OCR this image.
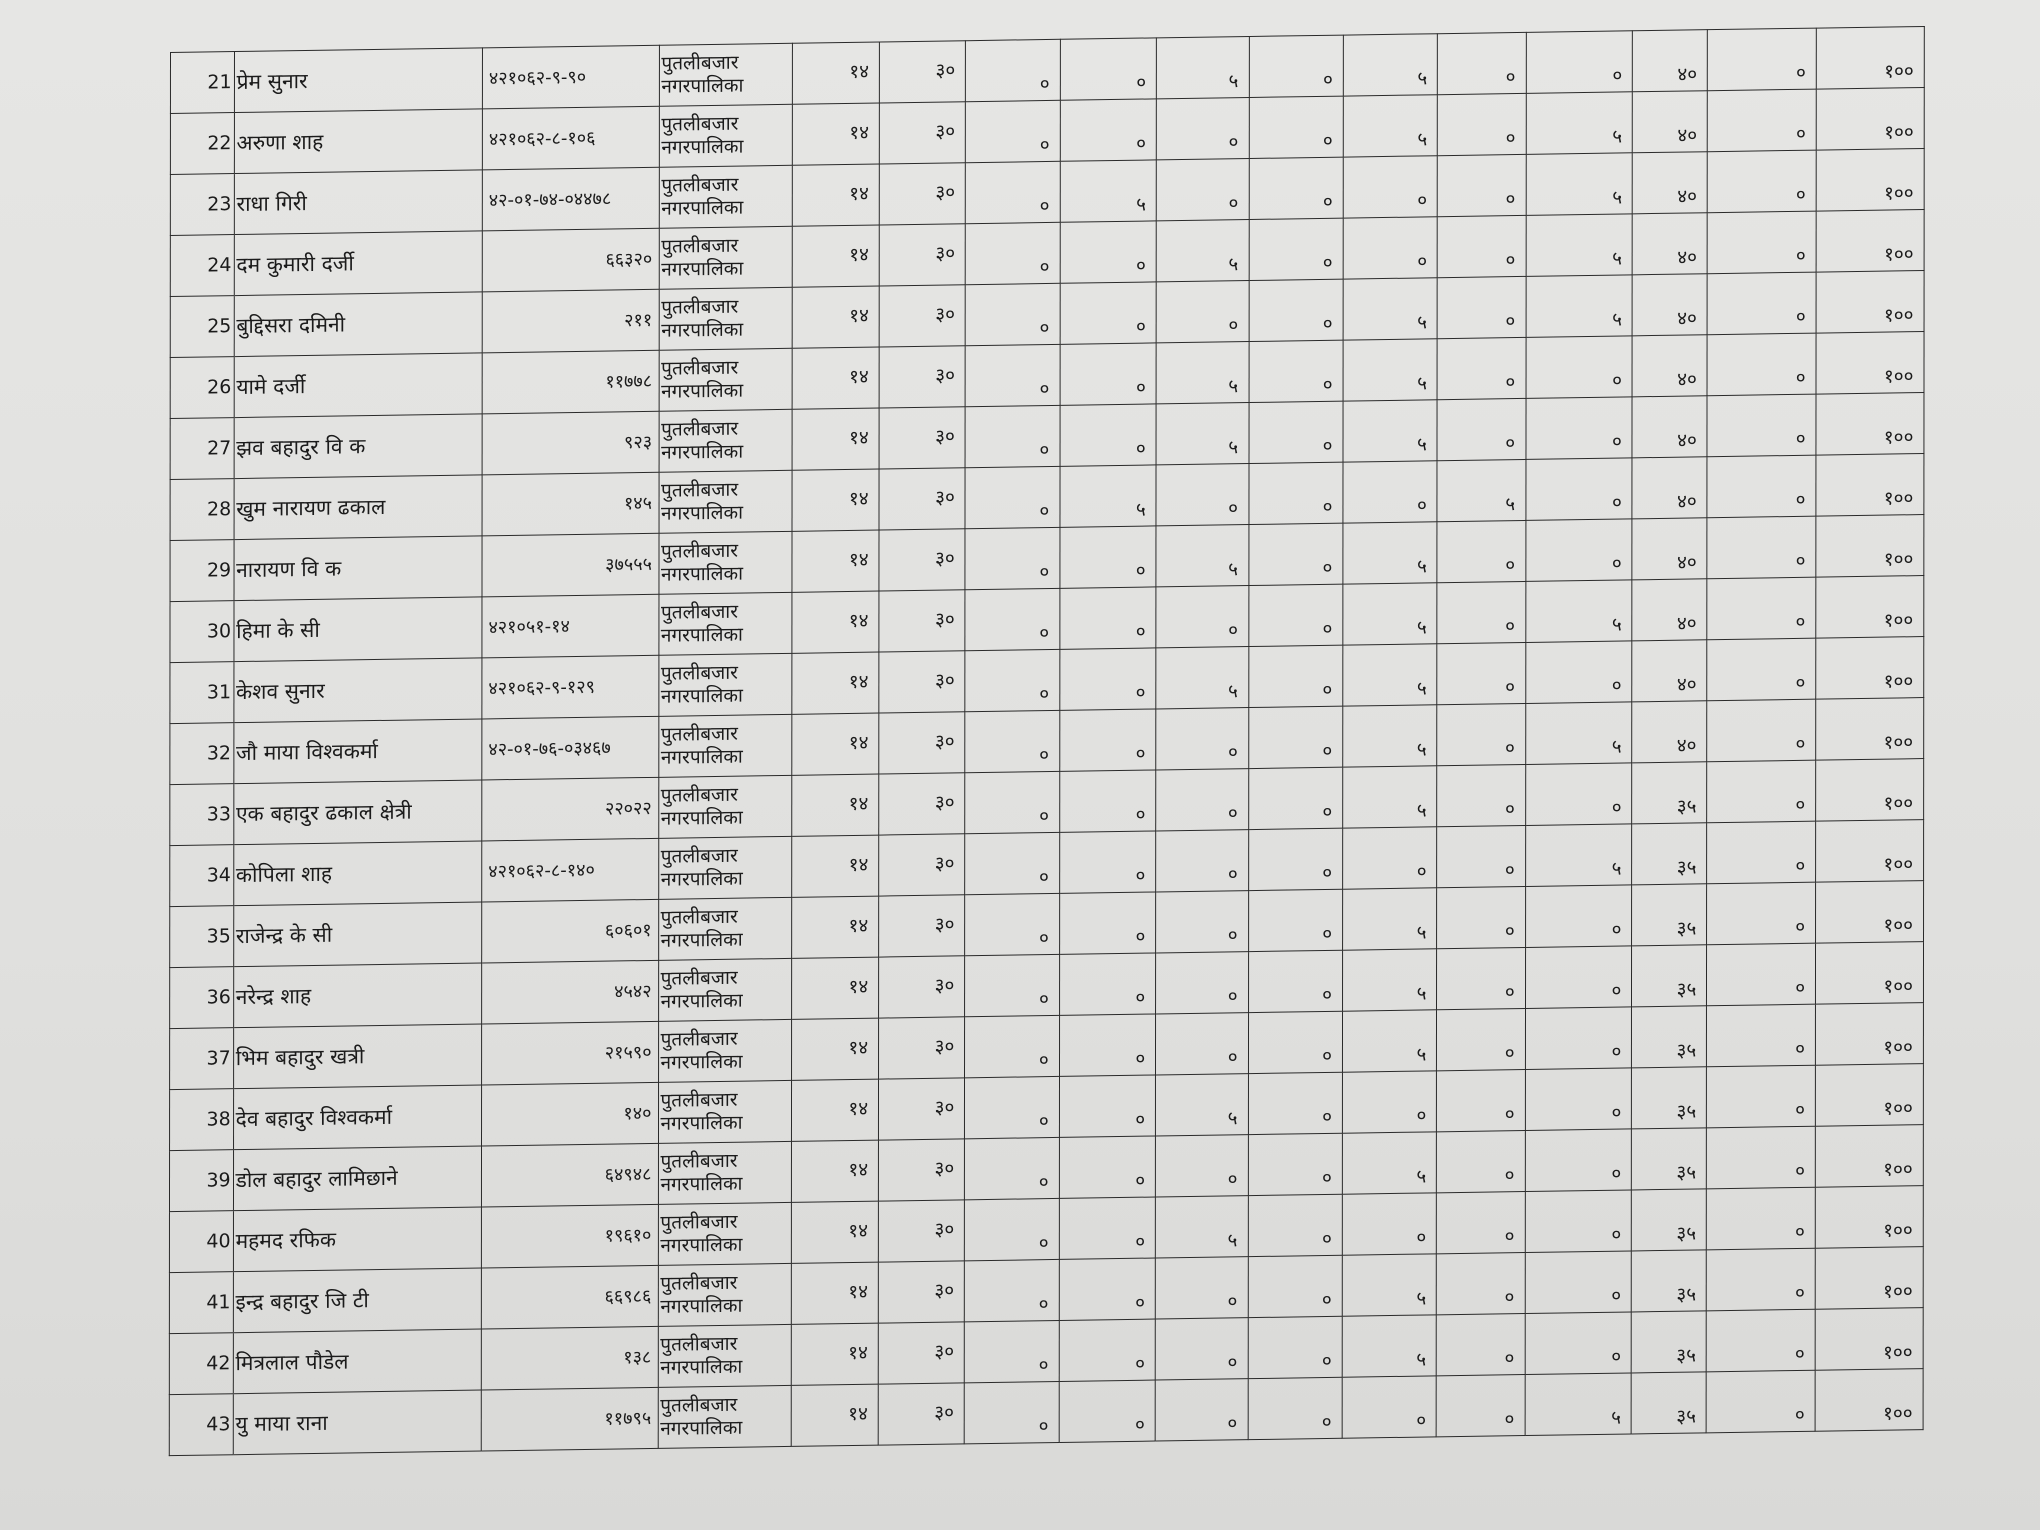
21	प्रेम सुनार	४२१०६२-९-९०	पुतलीबजार
नगरपालिका	१४	३०	०	०	५	०	५	०	०	४०	०	१००
22	अरुणा शाह	४२१०६२-८-१०६	पुतलीबजार
नगरपालिका	१४	३०	०	०	०	०	५	०	५	४०	०	१००
23	राधा गिरी	४२-०१-७४-०४४७८	पुतलीबजार
नगरपालिका	१४	३०	०	५	०	०	०	०	५	४०	०	१००
24	दम कुमारी दर्जी	६६३२०	पुतलीबजार
नगरपालिका	१४	३०	०	०	५	०	०	०	५	४०	०	१००
25	बुद्दिसरा दमिनी	२११	पुतलीबजार
नगरपालिका	१४	३०	०	०	०	०	५	०	५	४०	०	१००
26	यामे दर्जी	११७७८	पुतलीबजार
नगरपालिका	१४	३०	०	०	५	०	५	०	०	४०	०	१००
27	झव बहादुर वि क	९२३	पुतलीबजार
नगरपालिका	१४	३०	०	०	५	०	५	०	०	४०	०	१००
28	खुम नारायण ढकाल	१४५	पुतलीबजार
नगरपालिका	१४	३०	०	५	०	०	०	५	०	४०	०	१००
29	नारायण वि क	३७५५५	पुतलीबजार
नगरपालिका	१४	३०	०	०	५	०	५	०	०	४०	०	१००
30	हिमा के सी	४२१०५१-१४	पुतलीबजार
नगरपालिका	१४	३०	०	०	०	०	५	०	५	४०	०	१००
31	केशव सुनार	४२१०६२-९-१२९	पुतलीबजार
नगरपालिका	१४	३०	०	०	५	०	५	०	०	४०	०	१००
32	जौ माया विश्वकर्मा	४२-०१-७६-०३४६७	पुतलीबजार
नगरपालिका	१४	३०	०	०	०	०	५	०	५	४०	०	१००
33	एक बहादुर ढकाल क्षेत्री	२२०२२	पुतलीबजार
नगरपालिका	१४	३०	०	०	०	०	५	०	०	३५	०	१००
34	कोपिला शाह	४२१०६२-८-१४०	पुतलीबजार
नगरपालिका	१४	३०	०	०	०	०	०	०	५	३५	०	१००
35	राजेन्द्र के सी	६०६०१	पुतलीबजार
नगरपालिका	१४	३०	०	०	०	०	५	०	०	३५	०	१००
36	नरेन्द्र शाह	४५४२	पुतलीबजार
नगरपालिका	१४	३०	०	०	०	०	५	०	०	३५	०	१००
37	भिम बहादुर खत्री	२१५९०	पुतलीबजार
नगरपालिका	१४	३०	०	०	०	०	५	०	०	३५	०	१००
38	देव बहादुर विश्वकर्मा	१४०	पुतलीबजार
नगरपालिका	१४	३०	०	०	५	०	०	०	०	३५	०	१००
39	डोल बहादुर लामिछाने	६४९४८	पुतलीबजार
नगरपालिका	१४	३०	०	०	०	०	५	०	०	३५	०	१००
40	महमद रफिक	१९६१०	पुतलीबजार
नगरपालिका	१४	३०	०	०	५	०	०	०	०	३५	०	१००
41	इन्द्र बहादुर जि टी	६६९८६	पुतलीबजार
नगरपालिका	१४	३०	०	०	०	०	५	०	०	३५	०	१००
42	मित्रलाल पौडेल	१३८	पुतलीबजार
नगरपालिका	१४	३०	०	०	०	०	५	०	०	३५	०	१००
43	यु माया राना	११७९५	पुतलीबजार
नगरपालिका	१४	३०	०	०	०	०	०	०	५	३५	०	१००
